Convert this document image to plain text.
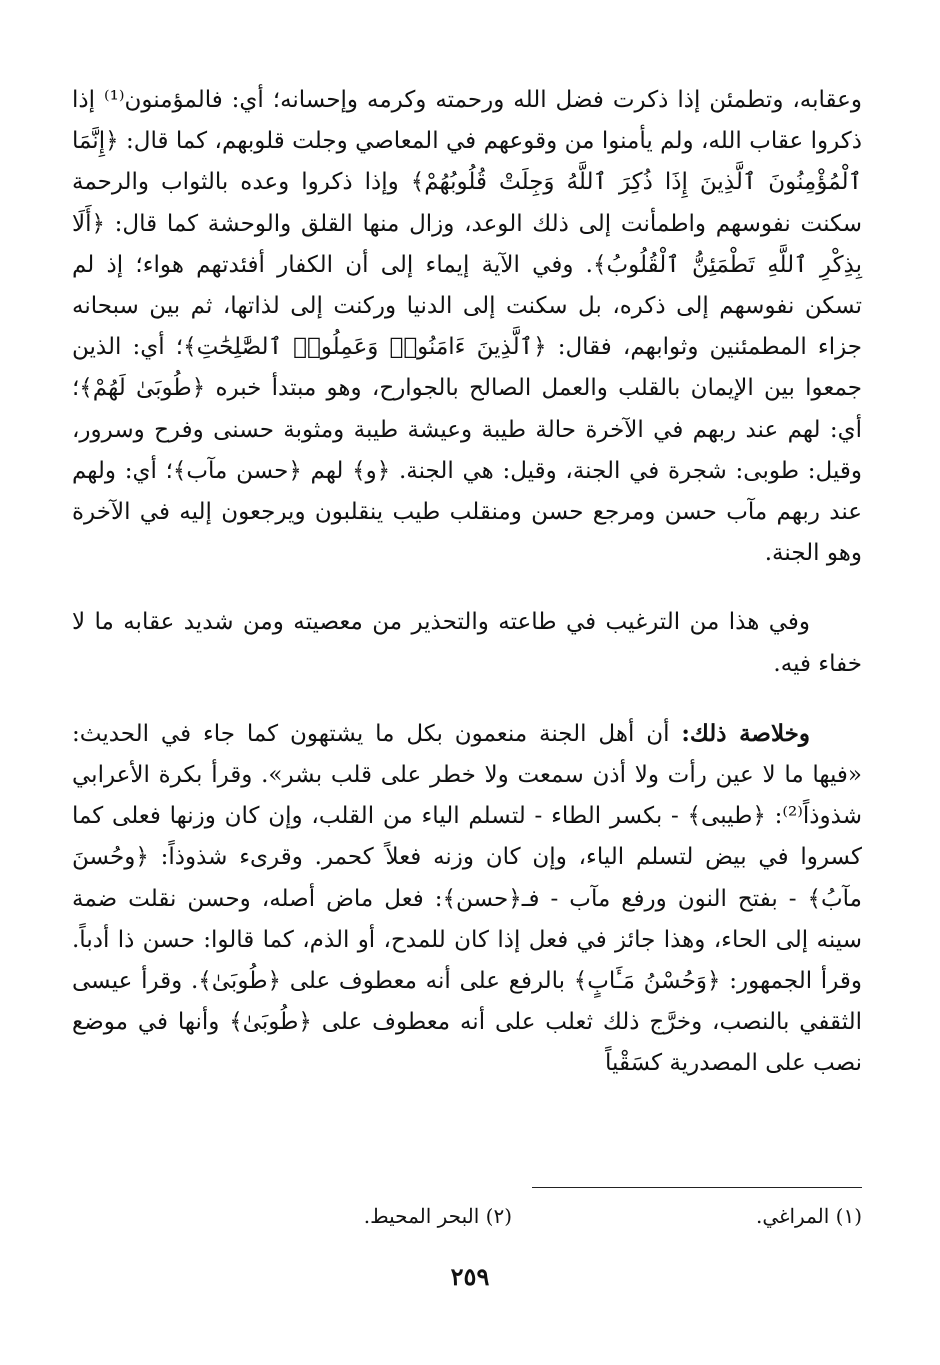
وعقابه، وتطمئن إذا ذكرت فضل الله ورحمته وكرمه وإحسانه؛ أي: فالمؤمنون⁽¹⁾ إذا ذكروا عقاب الله، ولم يأمنوا من وقوعهم في المعاصي وجلت قلوبهم، كما قال: ﴿إِنَّمَا ٱلْمُؤْمِنُونَ ٱلَّذِينَ إِذَا ذُكِرَ ٱللَّهُ وَجِلَتْ قُلُوبُهُمْ﴾ وإذا ذكروا وعده بالثواب والرحمة سكنت نفوسهم واطمأنت إلى ذلك الوعد، وزال منها القلق والوحشة كما قال: ﴿أَلَا بِذِكْرِ ٱللَّهِ تَطْمَئِنُّ ٱلْقُلُوبُ﴾. وفي الآية إيماء إلى أن الكفار أفئدتهم هواء؛ إذ لم تسكن نفوسهم إلى ذكره، بل سكنت إلى الدنيا وركنت إلى لذاتها، ثم بين سبحانه جزاء المطمئنين وثوابهم، فقال: ﴿ٱلَّذِينَ ءَامَنُوا۟ وَعَمِلُوا۟ ٱلصَّٰلِحَٰتِ﴾؛ أي: الذين جمعوا بين الإيمان بالقلب والعمل الصالح بالجوارح، وهو مبتدأ خبره ﴿طُوبَىٰ لَهُمْ﴾؛ أي: لهم عند ربهم في الآخرة حالة طيبة وعيشة طيبة ومثوبة حسنى وفرح وسرور، وقيل: طوبى: شجرة في الجنة، وقيل: هي الجنة. ﴿و﴾ لهم ﴿حسن مآب﴾؛ أي: ولهم عند ربهم مآب حسن ومرجع حسن ومنقلب طيب ينقلبون ويرجعون إليه في الآخرة وهو الجنة.

وفي هذا من الترغيب في طاعته والتحذير من معصيته ومن شديد عقابه ما لا خفاء فيه.

وخلاصة ذلك: أن أهل الجنة منعمون بكل ما يشتهون كما جاء في الحديث: «فيها ما لا عين رأت ولا أذن سمعت ولا خطر على قلب بشر». وقرأ بكرة الأعرابي شذوذاً⁽²⁾: ﴿طيبى﴾ - بكسر الطاء - لتسلم الياء من القلب، وإن كان وزنها فعلى كما كسروا في بيض لتسلم الياء، وإن كان وزنه فعلاً كحمر. وقرىء شذوذاً: ﴿وحُسنَ مآبُ﴾ - بفتح النون ورفع مآب - فـ﴿حسن﴾: فعل ماض أصله، وحسن نقلت ضمة سينه إلى الحاء، وهذا جائز في فعل إذا كان للمدح، أو الذم، كما قالوا: حسن ذا أدباً. وقرأ الجمهور: ﴿وَحُسْنُ مَـَٔابٍ﴾ بالرفع على أنه معطوف على ﴿طُوبَىٰ﴾. وقرأ عيسى الثقفي بالنصب، وخرَّج ذلك ثعلب على أنه معطوف على ﴿طُوبَىٰ﴾ وأنها في موضع نصب على المصدرية كسَقْياً

(١) المراغي.
(٢) البحر المحيط.
٢٥٩
